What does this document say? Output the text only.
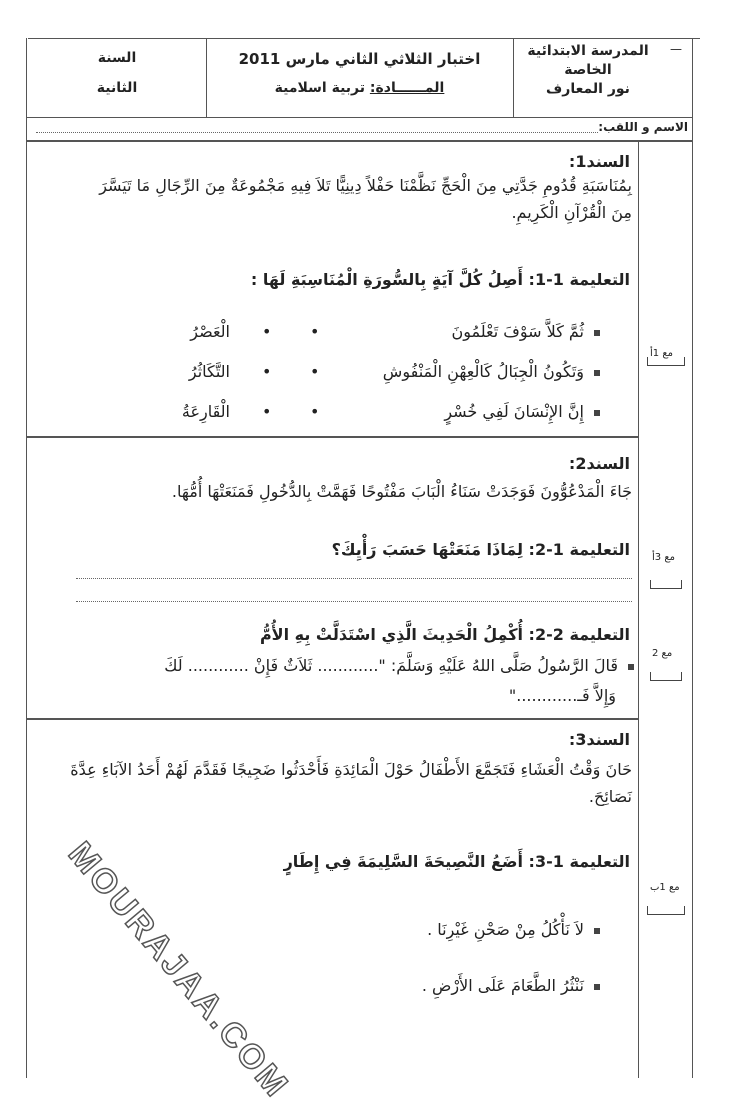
المدرسة الابتدائية
الخاصة
نور المعارف
—
اختبار الثلاثي الثاني مارس 2011
المــــــادة: تربية اسلامية
السنة
الثانية
الاسم و اللقب:
السند1:
بِمُنَاسَبَةِ قُدُومِ جَدَّتِي مِنَ الْحَجِّ نَظَّمْنَا حَفْلاً دِينِيًّا تَلاَ فِيهِ مَجْمُوعَةٌ مِنَ الرِّجَالِ مَا تَيَسَّرَ مِنَ الْقُرْآنِ الْكَرِيمِ.
التعليمة 1-1: أَصِلُ كُلَّ آيَةٍ بِالسُّورَةِ الْمُنَاسِبَةِ لَهَا :
ثُمَّ كَلاَّ سَوْفَ تَعْلَمُونَ
وَتَكُونُ الْجِبَالُ كَالْعِهْنِ الْمَنْفُوشِ
إِنَّ الإِنْسَانَ لَفِي خُسْرٍ
•
•
•
•
•
•
الْعَصْرُ
التَّكَاثُرُ
الْقَارِعَةُ
مع 1أ
السند2:
جَاءَ الْمَدْعُوُّونَ فَوَجَدَتْ سَنَاءُ الْبَابَ مَفْتُوحًا فَهَمَّتْ بِالدُّخُولِ فَمَنَعَتْهَا أُمُّهَا.
التعليمة 1-2: لِمَاذَا مَنَعَتْهَا حَسَبَ رَأْيِكَ؟ مع 3أ
التعليمة 2-2: أُكْمِلُ الْحَدِيثَ الَّذِي اسْتَدَلَّتْ بِهِ الأُمُّ
قَالَ الرَّسُولُ صَلَّى اللهُ عَلَيْهِ وَسَلَّمَ: "............ ثَلاَثٌ فَإِنْ ............ لَكَ
وَإِلاَّ فَـ............"
مع 2
السند3:
حَانَ وَقْتُ الْعَشَاءِ فَتَجَمَّعَ الأَطْفَالُ حَوْلَ الْمَائِدَةِ فَأَحْدَثُوا ضَجِيجًا فَقَدَّمَ لَهُمْ أَحَدُ الآبَاءِ عِدَّةَ نَصَائِحَ.
التعليمة 1-3: أَضَعُ النَّصِيحَةَ السَّلِيمَةَ فِي إِطَارٍ
لاَ نَأْكُلُ مِنْ صَحْنِ غَيْرِنَا .
نَنْثُرُ الطَّعَامَ عَلَى الأَرْضِ .
مع 1ب
MOURAJAA.COM
